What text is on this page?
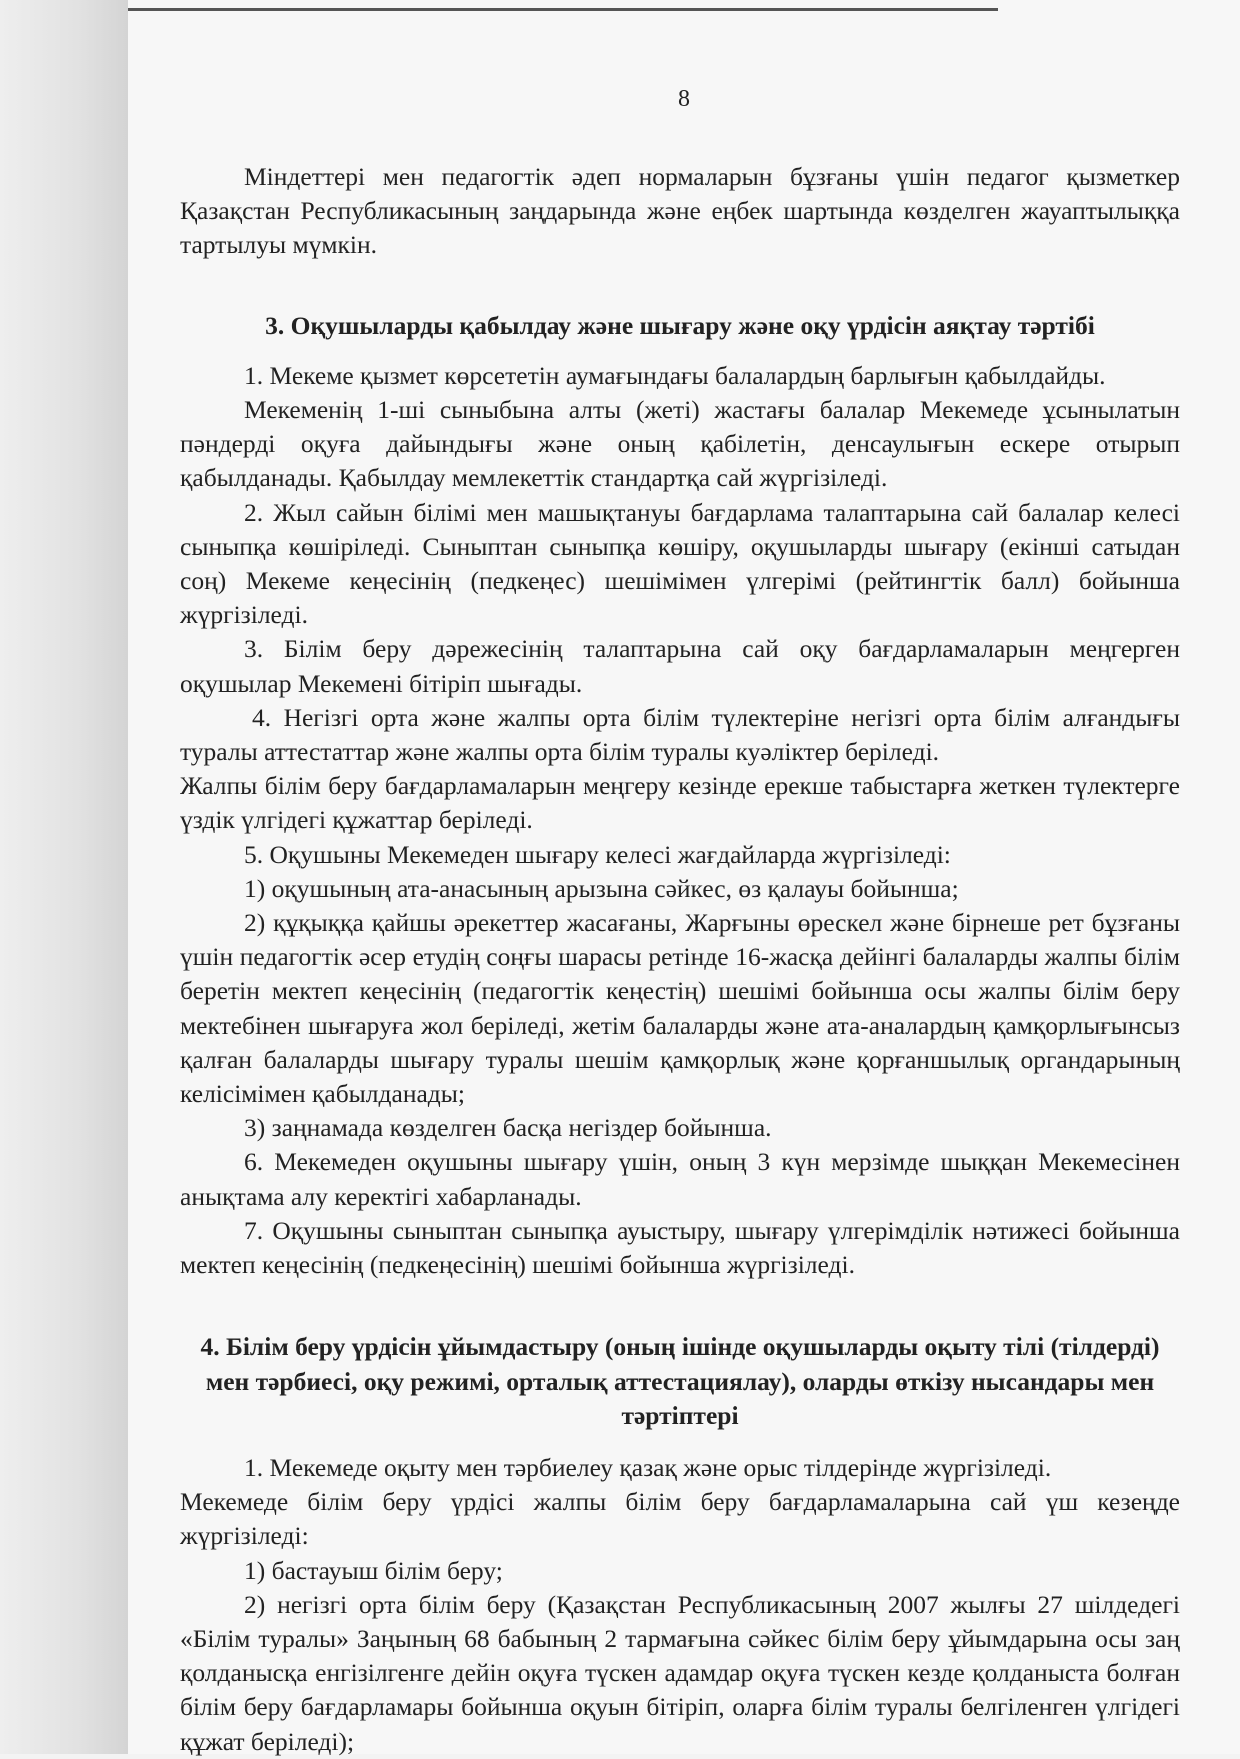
8

Міндеттері мен педагогтік әдеп нормаларын бұзғаны үшін педагог қызметкер Қазақстан Республикасының заңдарында және еңбек шартында көзделген жауаптылыққа тартылуы мүмкін.

3. Оқушыларды қабылдау және шығару және оқу үрдісін аяқтау тәртібі

1. Мекеме қызмет көрсететін аумағындағы балалардың барлығын қабылдайды.

Мекеменің 1-ші сыныбына алты (жеті) жастағы балалар Мекемеде ұсынылатын пәндерді оқуға дайындығы және оның қабілетін, денсаулығын ескере отырып қабылданады. Қабылдау мемлекеттік стандартқа сай жүргізіледі.

2. Жыл сайын білімі мен машықтануы бағдарлама талаптарына сай балалар келесі сыныпқа көшіріледі. Сыныптан сыныпқа көшіру, оқушыларды шығару (екінші сатыдан соң) Мекеме кеңесінің (педкеңес) шешімімен үлгерімі (рейтингтік балл) бойынша жүргізіледі.

3. Білім беру дәрежесінің талаптарына сай оқу бағдарламаларын меңгерген оқушылар Мекемені бітіріп шығады.

4. Негізгі орта және жалпы орта білім түлектеріне негізгі орта білім алғандығы туралы аттестаттар және жалпы орта білім туралы куәліктер беріледі.

Жалпы білім беру бағдарламаларын меңгеру кезінде ерекше табыстарға жеткен түлектерге үздік үлгідегі құжаттар беріледі.

5. Оқушыны Мекемеден шығару келесі жағдайларда жүргізіледі:

1) оқушының ата-анасының арызына сәйкес, өз қалауы бойынша;

2) құқыққа қайшы әрекеттер жасағаны, Жарғыны өрескел және бірнеше рет бұзғаны үшін педагогтік әсер етудің соңғы шарасы ретінде 16-жасқа дейінгі балаларды жалпы білім беретін мектеп кеңесінің (педагогтік кеңестің) шешімі бойынша осы жалпы білім беру мектебінен шығаруға жол беріледі, жетім балаларды және ата-аналардың қамқорлығынсыз қалған балаларды шығару туралы шешім қамқорлық және қорғаншылық органдарының келісімімен қабылданады;

3) заңнамада көзделген басқа негіздер бойынша.

6. Мекемеден оқушыны шығару үшін, оның 3 күн мерзімде шыққан Мекемесінен анықтама алу керектігі хабарланады.

7. Оқушыны сыныптан сыныпқа ауыстыру, шығару үлгерімділік нәтижесі бойынша мектеп кеңесінің (педкеңесінің) шешімі бойынша жүргізіледі.

4. Білім беру үрдісін ұйымдастыру (оның ішінде оқушыларды оқыту тілі (тілдерді) мен тәрбиесі, оқу режимі, орталық аттестациялау), оларды өткізу нысандары мен тәртіптері

1. Мекемеде оқыту мен тәрбиелеу қазақ және орыс тілдерінде жүргізіледі.

Мекемеде білім беру үрдісі жалпы білім беру бағдарламаларына сай үш кезеңде жүргізіледі:

1) бастауыш білім беру;

2) негізгі орта білім беру (Қазақстан Республикасының 2007 жылғы 27 шілдедегі «Білім туралы» Заңының 68 бабының 2 тармағына сәйкес білім беру ұйымдарына осы заң қолданысқа енгізілгенге дейін оқуға түскен адамдар оқуға түскен кезде қолданыста болған білім беру бағдарламары бойынша оқуын бітіріп, оларға білім туралы белгіленген үлгідегі құжат беріледі);
